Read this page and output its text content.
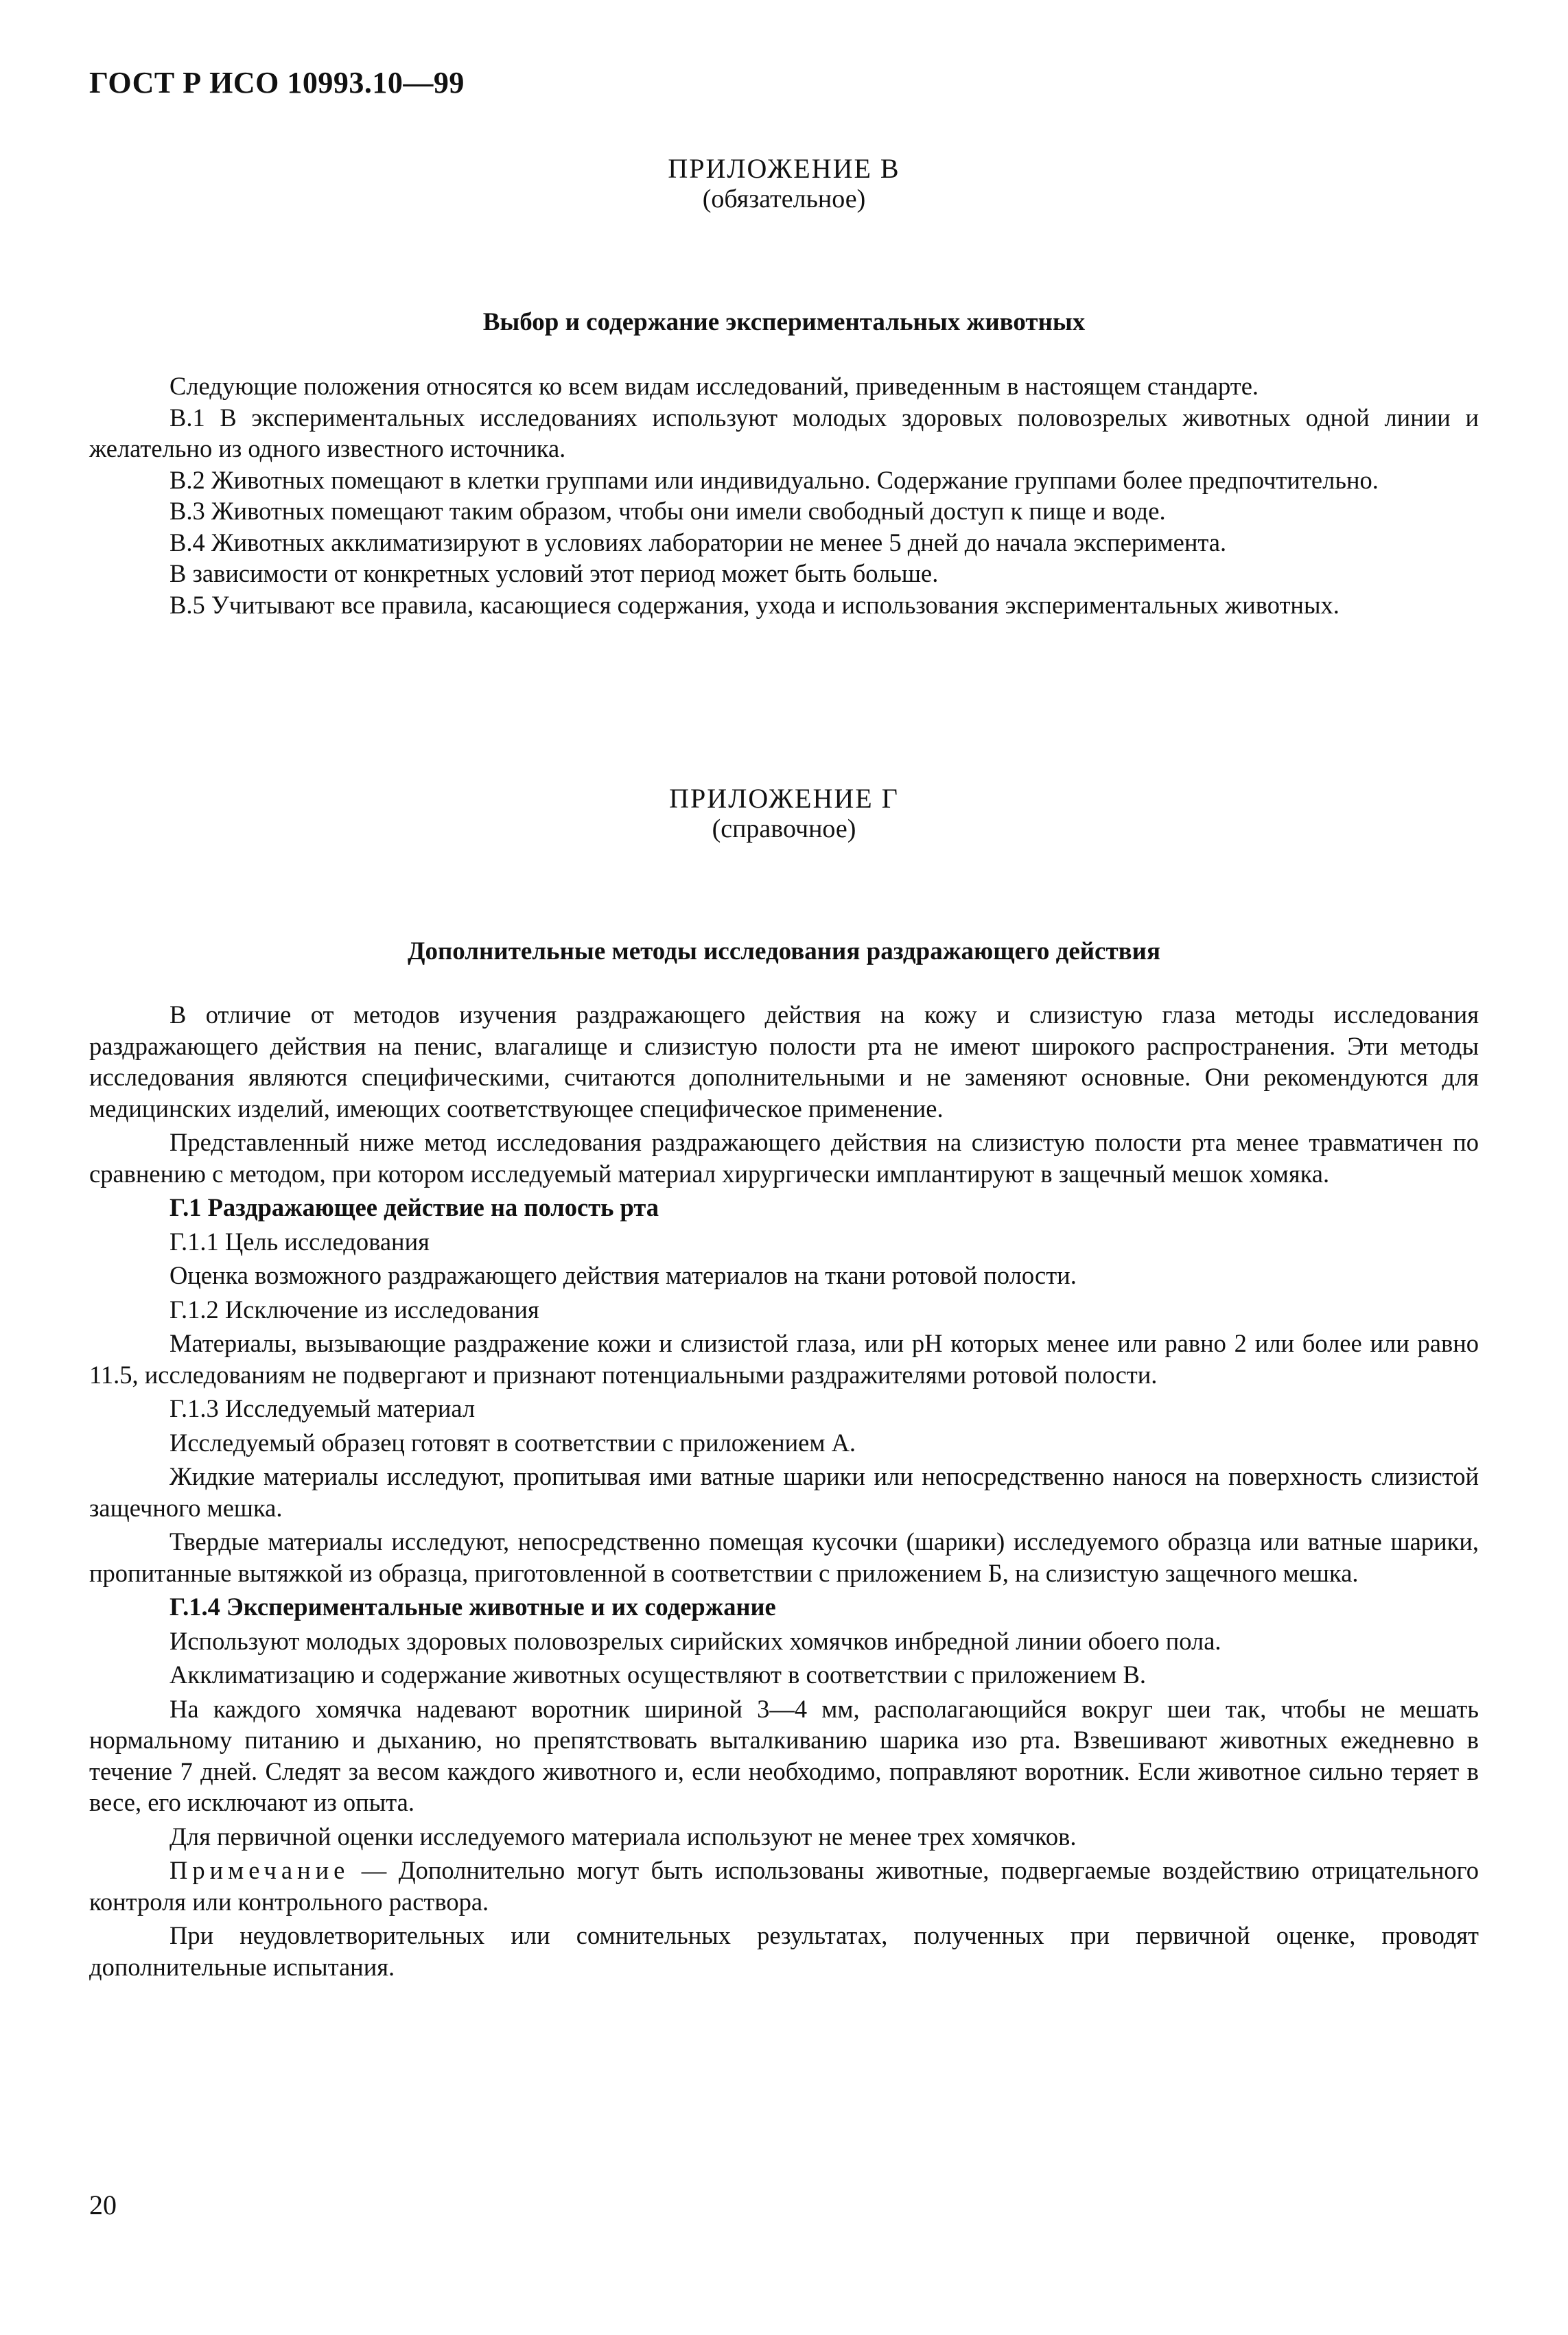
ГОСТ Р ИСО 10993.10—99
ПРИЛОЖЕНИЕ В
(обязательное)
Выбор и содержание экспериментальных животных

Следующие положения относятся ко всем видам исследований, приведенным в настоящем стандарте.

В.1 В экспериментальных исследованиях используют молодых здоровых половозрелых животных одной линии и желательно из одного известного источника.

В.2 Животных помещают в клетки группами или индивидуально. Содержание группами более предпочтительно.

В.3 Животных помещают таким образом, чтобы они имели свободный доступ к пище и воде.

В.4 Животных акклиматизируют в условиях лаборатории не менее 5 дней до начала эксперимента.

В зависимости от конкретных условий этот период может быть больше.

В.5 Учитывают все правила, касающиеся содержания, ухода и использования экспериментальных животных.

ПРИЛОЖЕНИЕ Г
(справочное)
Дополнительные методы исследования раздражающего действия

В отличие от методов изучения раздражающего действия на кожу и слизистую глаза методы исследования раздражающего действия на пенис, влагалище и слизистую полости рта не имеют широкого распространения. Эти методы исследования являются специфическими, считаются дополнительными и не заменяют основные. Они рекомендуются для медицинских изделий, имеющих соответствующее специфическое применение.

Представленный ниже метод исследования раздражающего действия на слизистую полости рта менее травматичен по сравнению с методом, при котором исследуемый материал хирургически имплантируют в защечный мешок хомяка.

Г.1 Раздражающее действие на полость рта

Г.1.1 Цель исследования

Оценка возможного раздражающего действия материалов на ткани ротовой полости.

Г.1.2 Исключение из исследования

Материалы, вызывающие раздражение кожи и слизистой глаза, или pH которых менее или равно 2 или более или равно 11.5, исследованиям не подвергают и признают потенциальными раздражителями ротовой полости.

Г.1.3 Исследуемый материал

Исследуемый образец готовят в соответствии с приложением А.

Жидкие материалы исследуют, пропитывая ими ватные шарики или непосредственно нанося на поверхность слизистой защечного мешка.

Твердые материалы исследуют, непосредственно помещая кусочки (шарики) исследуемого образца или ватные шарики, пропитанные вытяжкой из образца, приготовленной в соответствии с приложением Б, на слизистую защечного мешка.

Г.1.4 Экспериментальные животные и их содержание

Используют молодых здоровых половозрелых сирийских хомячков инбредной линии обоего пола.

Акклиматизацию и содержание животных осуществляют в соответствии с приложением В.

На каждого хомячка надевают воротник шириной 3—4 мм, располагающийся вокруг шеи так, чтобы не мешать нормальному питанию и дыханию, но препятствовать выталкиванию шарика изо рта. Взвешивают животных ежедневно в течение 7 дней. Следят за весом каждого животного и, если необходимо, поправляют воротник. Если животное сильно теряет в весе, его исключают из опыта.

Для первичной оценки исследуемого материала используют не менее трех хомячков.

Примечание — Дополнительно могут быть использованы животные, подвергаемые воздействию отрицательного контроля или контрольного раствора.

При неудовлетворительных или сомнительных результатах, полученных при первичной оценке, проводят дополнительные испытания.

20
